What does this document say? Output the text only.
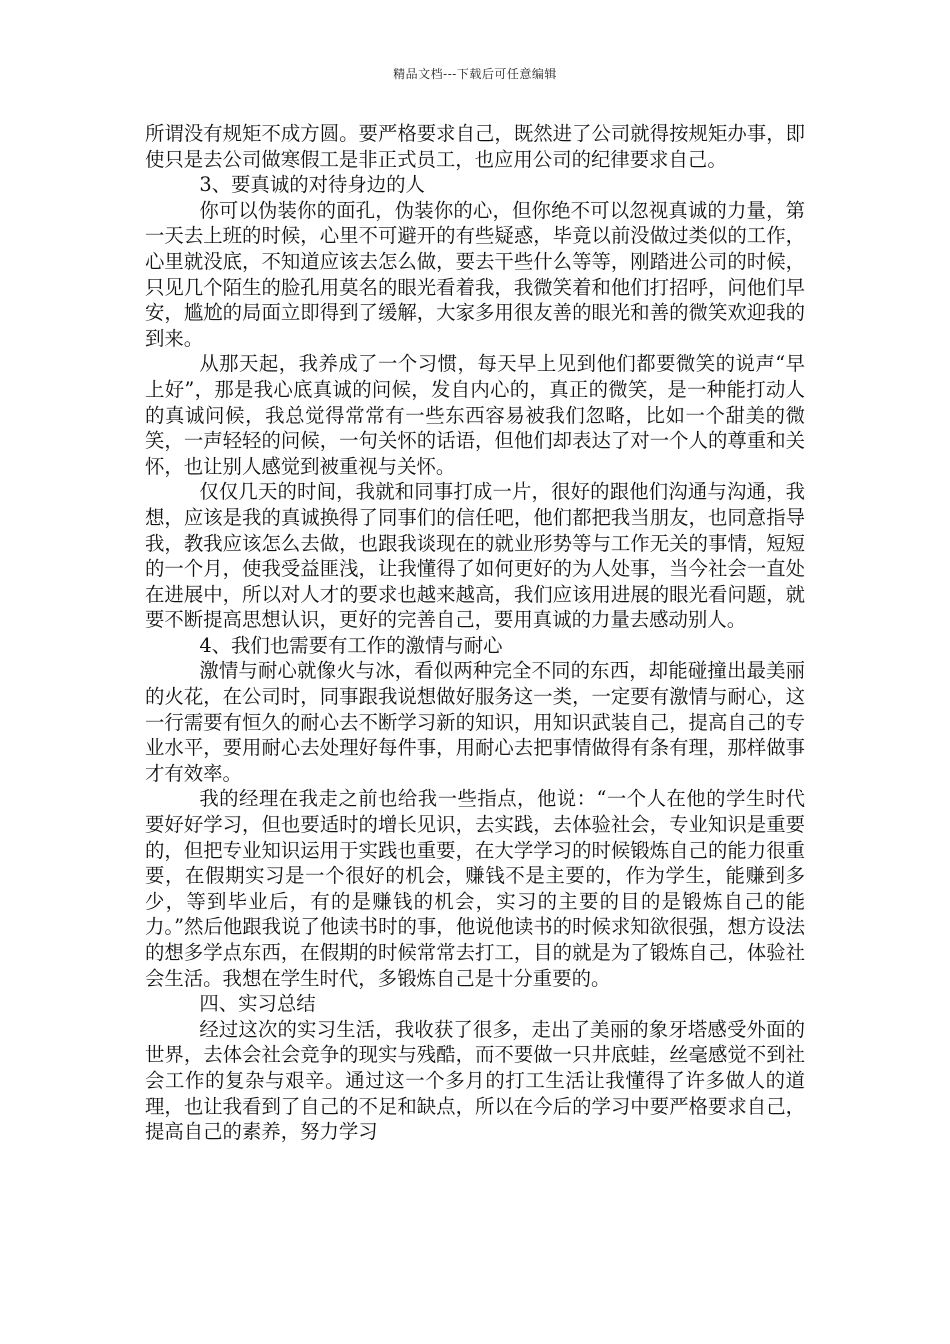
精品文档---下载后可任意编辑

所谓没有规矩不成方圆。要严格要求自己，既然进了公司就得按规矩办事，即使只是去公司做寒假工是非正式员工，也应用公司的纪律要求自己。

3、要真诚的对待身边的人

你可以伪装你的面孔，伪装你的心，但你绝不可以忽视真诚的力量，第一天去上班的时候，心里不可避开的有些疑惑，毕竟以前没做过类似的工作，心里就没底，不知道应该去怎么做，要去干些什么等等，刚踏进公司的时候，只见几个陌生的脸孔用莫名的眼光看着我，我微笑着和他们打招呼，问他们早安，尴尬的局面立即得到了缓解，大家多用很友善的眼光和善的微笑欢迎我的到来。

从那天起，我养成了一个习惯，每天早上见到他们都要微笑的说声“早上好”，那是我心底真诚的问候，发自内心的，真正的微笑，是一种能打动人的真诚问候，我总觉得常常有一些东西容易被我们忽略，比如一个甜美的微笑，一声轻轻的问候，一句关怀的话语，但他们却表达了对一个人的尊重和关怀，也让别人感觉到被重视与关怀。

仅仅几天的时间，我就和同事打成一片，很好的跟他们沟通与沟通，我想，应该是我的真诚换得了同事们的信任吧，他们都把我当朋友，也同意指导我，教我应该怎么去做，也跟我谈现在的就业形势等与工作无关的事情，短短的一个月，使我受益匪浅，让我懂得了如何更好的为人处事，当今社会一直处在进展中，所以对人才的要求也越来越高，我们应该用进展的眼光看问题，就要不断提高思想认识，更好的完善自己，要用真诚的力量去感动别人。

4、我们也需要有工作的激情与耐心

激情与耐心就像火与冰，看似两种完全不同的东西，却能碰撞出最美丽的火花，在公司时，同事跟我说想做好服务这一类，一定要有激情与耐心，这一行需要有恒久的耐心去不断学习新的知识，用知识武装自己，提高自己的专业水平，要用耐心去处理好每件事，用耐心去把事情做得有条有理，那样做事才有效率。

我的经理在我走之前也给我一些指点，他说：“一个人在他的学生时代要好好学习，但也要适时的增长见识，去实践，去体验社会，专业知识是重要的，但把专业知识运用于实践也重要，在大学学习的时候锻炼自己的能力很重要，在假期实习是一个很好的机会，赚钱不是主要的，作为学生，能赚到多少，等到毕业后，有的是赚钱的机会，实习的主要的目的是锻炼自己的能力。”然后他跟我说了他读书时的事，他说他读书的时候求知欲很强，想方设法的想多学点东西，在假期的时候常常去打工，目的就是为了锻炼自己，体验社会生活。我想在学生时代，多锻炼自己是十分重要的。

四、实习总结

经过这次的实习生活，我收获了很多，走出了美丽的象牙塔感受外面的世界，去体会社会竞争的现实与残酷，而不要做一只井底蛙，丝毫感觉不到社会工作的复杂与艰辛。通过这一个多月的打工生活让我懂得了许多做人的道理，也让我看到了自己的不足和缺点，所以在今后的学习中要严格要求自己，提高自己的素养，努力学习
